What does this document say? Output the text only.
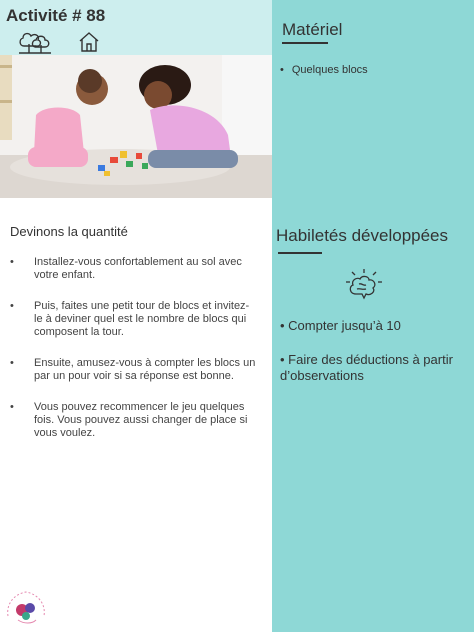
Activité # 88
Matériel
• Quelques blocs
Habiletés développées
• Compter jusqu’à 10
• Faire des déductions à partir d’observations
Devinons la quantité
• Installez-vous confortablement au sol avec votre enfant.
• Puis, faites une petit tour de blocs et invitez-le à deviner quel est le nombre de blocs qui composent la tour.
• Ensuite, amusez-vous à compter les blocs un par un pour voir si sa réponse est bonne.
• Vous pouvez recommencer le jeu quelques fois. Vous pouvez aussi changer de place si vous voulez.
